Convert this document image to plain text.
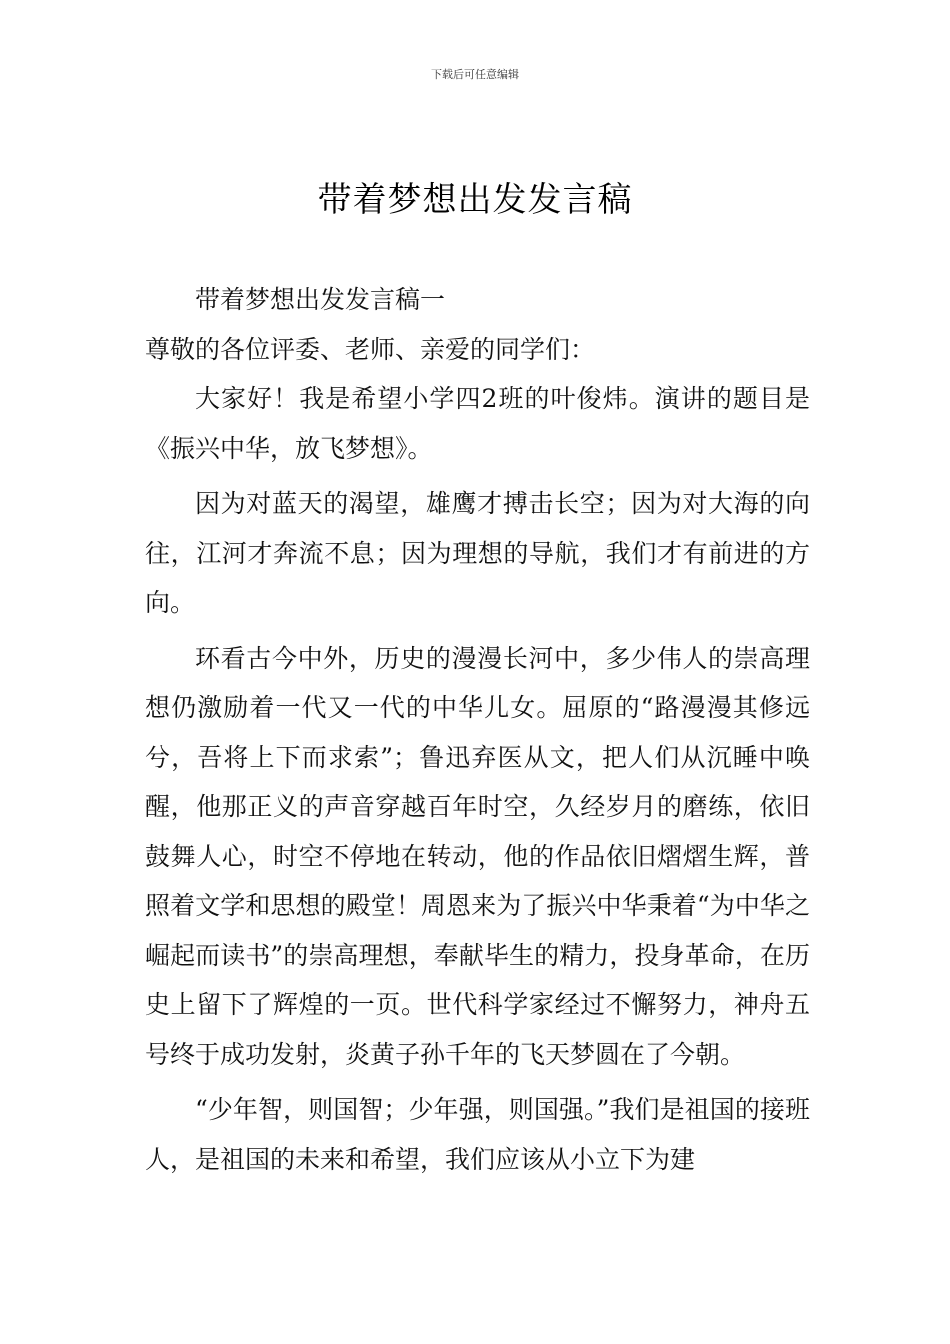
下载后可任意编辑
带着梦想出发发言稿

带着梦想出发发言稿一

尊敬的各位评委、老师、亲爱的同学们：

大家好！我是希望小学四2班的叶俊炜。演讲的题目是《振兴中华，放飞梦想》。

因为对蓝天的渴望，雄鹰才搏击长空；因为对大海的向往，江河才奔流不息；因为理想的导航，我们才有前进的方向。

环看古今中外，历史的漫漫长河中，多少伟人的崇高理想仍激励着一代又一代的中华儿女。屈原的“路漫漫其修远兮，吾将上下而求索”；鲁迅弃医从文，把人们从沉睡中唤醒，他那正义的声音穿越百年时空，久经岁月的磨练，依旧鼓舞人心，时空不停地在转动，他的作品依旧熠熠生辉，普照着文学和思想的殿堂！周恩来为了振兴中华秉着“为中华之崛起而读书”的崇高理想，奉献毕生的精力，投身革命，在历史上留下了辉煌的一页。世代科学家经过不懈努力，神舟五号终于成功发射，炎黄子孙千年的飞天梦圆在了今朝。

“少年智，则国智；少年强，则国强。”我们是祖国的接班人，是祖国的未来和希望，我们应该从小立下为建
